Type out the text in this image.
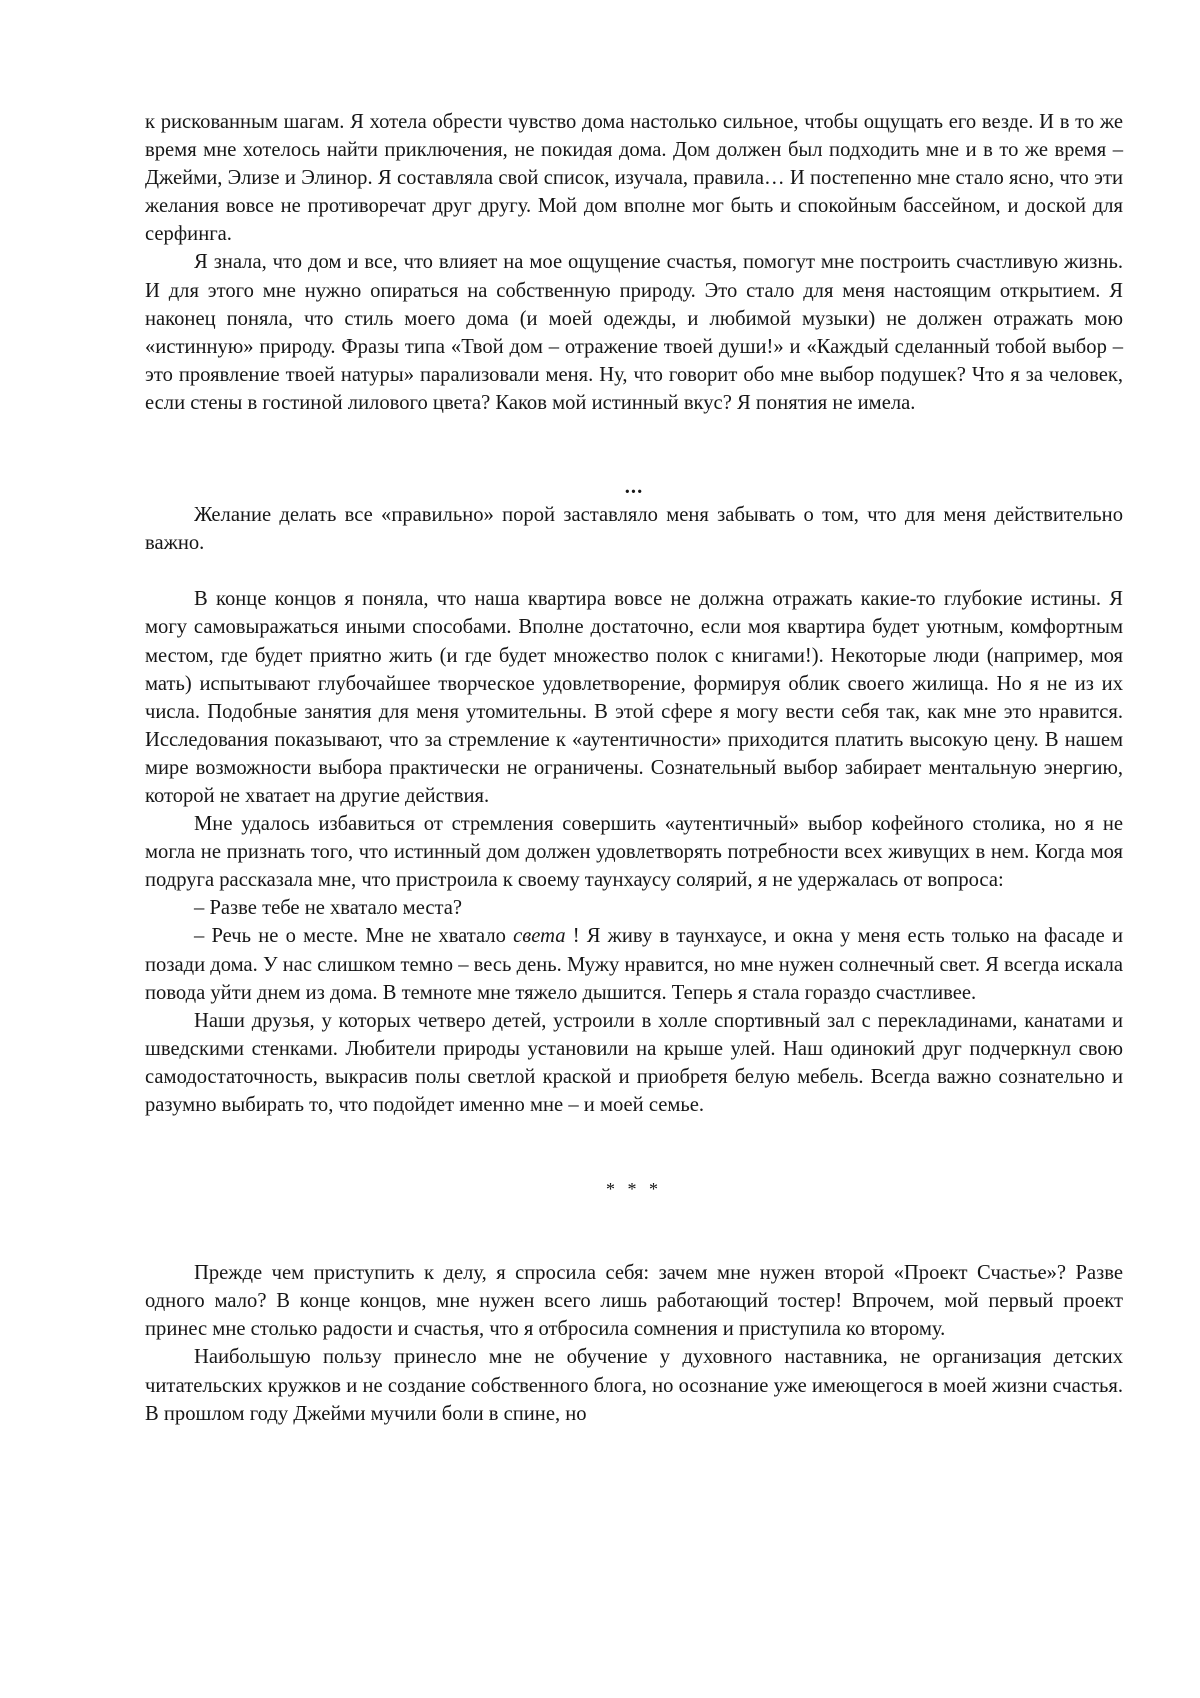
к рискованным шагам. Я хотела обрести чувство дома настолько сильное, чтобы ощущать его везде. И в то же время мне хотелось найти приключения, не покидая дома. Дом должен был подходить мне и в то же время – Джейми, Элизе и Элинор. Я составляла свой список, изучала, правила… И постепенно мне стало ясно, что эти желания вовсе не противоречат друг другу. Мой дом вполне мог быть и спокойным бассейном, и доской для серфинга.

Я знала, что дом и все, что влияет на мое ощущение счастья, помогут мне построить счастливую жизнь. И для этого мне нужно опираться на собственную природу. Это стало для меня настоящим открытием. Я наконец поняла, что стиль моего дома (и моей одежды, и любимой музыки) не должен отражать мою «истинную» природу. Фразы типа «Твой дом – отражение твоей души!» и «Каждый сделанный тобой выбор – это проявление твоей натуры» парализовали меня. Ну, что говорит обо мне выбор подушек? Что я за человек, если стены в гостиной лилового цвета? Каков мой истинный вкус? Я понятия не имела.

...

Желание делать все «правильно» порой заставляло меня забывать о том, что для меня действительно важно.

В конце концов я поняла, что наша квартира вовсе не должна отражать какие-то глубокие истины. Я могу самовыражаться иными способами. Вполне достаточно, если моя квартира будет уютным, комфортным местом, где будет приятно жить (и где будет множество полок с книгами!). Некоторые люди (например, моя мать) испытывают глубочайшее творческое удовлетворение, формируя облик своего жилища. Но я не из их числа. Подобные занятия для меня утомительны. В этой сфере я могу вести себя так, как мне это нравится. Исследования показывают, что за стремление к «аутентичности» приходится платить высокую цену. В нашем мире возможности выбора практически не ограничены. Сознательный выбор забирает ментальную энергию, которой не хватает на другие действия.

Мне удалось избавиться от стремления совершить «аутентичный» выбор кофейного столика, но я не могла не признать того, что истинный дом должен удовлетворять потребности всех живущих в нем. Когда моя подруга рассказала мне, что пристроила к своему таунхаусу солярий, я не удержалась от вопроса:

– Разве тебе не хватало места?

– Речь не о месте. Мне не хватало света ! Я живу в таунхаусе, и окна у меня есть только на фасаде и позади дома. У нас слишком темно – весь день. Мужу нравится, но мне нужен солнечный свет. Я всегда искала повода уйти днем из дома. В темноте мне тяжело дышится. Теперь я стала гораздо счастливее.

Наши друзья, у которых четверо детей, устроили в холле спортивный зал с перекладинами, канатами и шведскими стенками. Любители природы установили на крыше улей. Наш одинокий друг подчеркнул свою самодостаточность, выкрасив полы светлой краской и приобретя белую мебель. Всегда важно сознательно и разумно выбирать то, что подойдет именно мне – и моей семье.

* * *

Прежде чем приступить к делу, я спросила себя: зачем мне нужен второй «Проект Счастье»? Разве одного мало? В конце концов, мне нужен всего лишь работающий тостер! Впрочем, мой первый проект принес мне столько радости и счастья, что я отбросила сомнения и приступила ко второму.

Наибольшую пользу принесло мне не обучение у духовного наставника, не организация детских читательских кружков и не создание собственного блога, но осознание уже имеющегося в моей жизни счастья. В прошлом году Джейми мучили боли в спине, но
